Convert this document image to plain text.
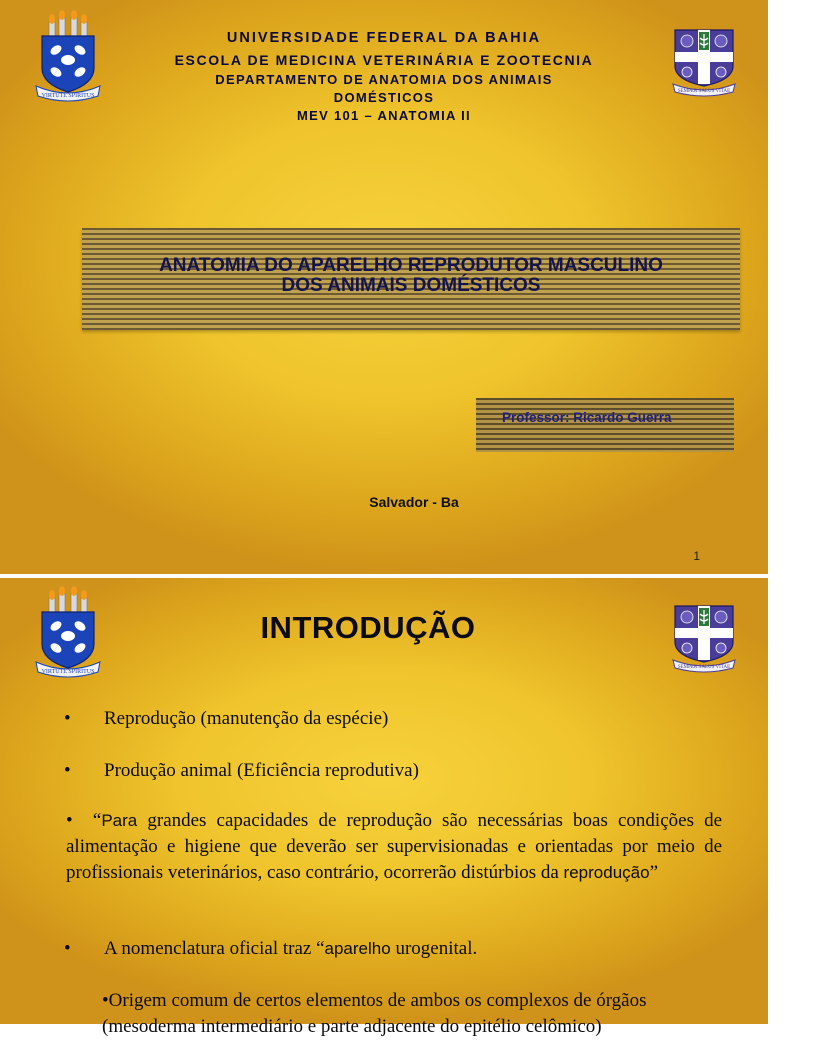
VIRTUTE SPIRITUS
SEMPER SALUS VITAE
UNIVERSIDADE FEDERAL DA BAHIA
ESCOLA DE MEDICINA VETERINÁRIA E ZOOTECNIA
DEPARTAMENTO DE ANATOMIA DOS ANIMAIS
DOMÉSTICOS
MEV 101 – ANATOMIA II
ANATOMIA DO APARELHO REPRODUTOR MASCULINO
DOS ANIMAIS DOMÉSTICOS
Professor: Ricardo Guerra
Salvador - Ba
1
VIRTUTE SPIRITUS
SEMPER SALUS VITAE
INTRODUÇÃO
• Reprodução (manutenção da espécie)
• Produção animal (Eficiência reprodutiva)
• “Para grandes capacidades de reprodução são necessárias boas condições de alimentação e higiene que deverão ser supervisionadas e orientadas por meio de profissionais veterinários, caso contrário, ocorrerão distúrbios da reprodução”
• A nomenclatura oficial traz “aparelho urogenital.
•Origem comum de certos elementos de ambos os complexos de órgãos
(mesoderma intermediário e parte adjacente do epitélio celômico)
